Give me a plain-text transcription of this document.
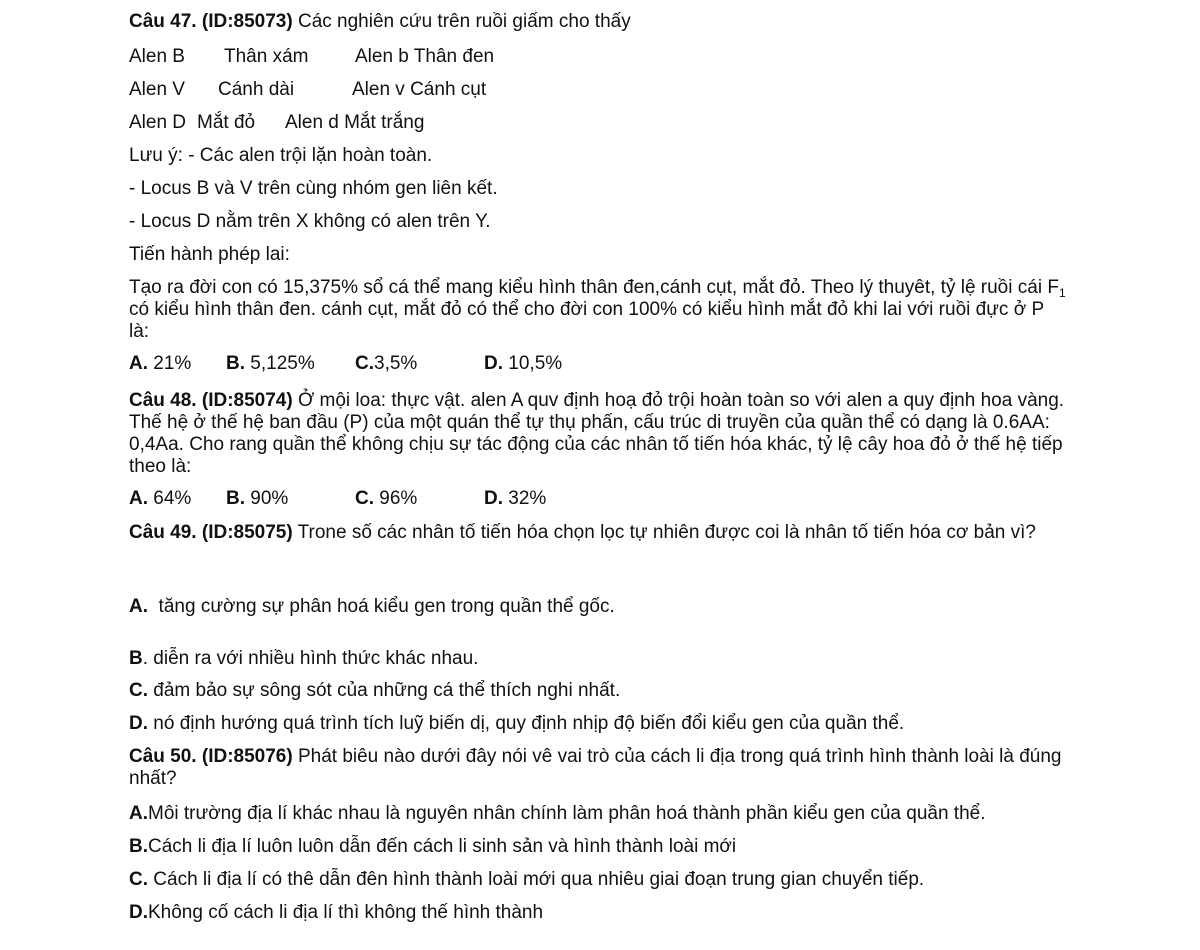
Câu 47. (ID:85073) Các nghiên cứu trên ruồi giấm cho thấy
Alen B Thân xám Alen b Thân đen
Alen V Cánh dài	Alen v Cánh cụt
Alen D Mắt đỏ Alen d Mắt trắng
Lưu ý: - Các alen trội lặn hoàn toàn.
- Locus B và V trên cùng nhóm gen liên kết.
- Locus D nằm trên X không có alen trên Y.
Tiến hành phép lai:
Tạo ra đời con có 15,375% sổ cá thể mang kiểu hình thân đen,cánh cụt, mắt đỏ. Theo lý thuyêt, tỷ lệ ruồi cái $F_1$ có kiểu hình thân đen. cánh cụt, mắt đỏ có thể cho đời con 100% có kiểu hình mắt đỏ khi lai với ruồi đực ở P là:
A. 21% B. 5,125% C.3,5%	D. 10,5%
Câu 48. (ID:85074) Ở mội loa: thực vật. alen A quv định hoạ đỏ trội hoàn toàn so với alen a quy định hoa vàng. Thế hệ ở thế hệ ban đầu (P) của một quán thể tự thụ phấn, cấu trúc di truyền của quần thể có dạng là 0.6AA: 0,4Aa. Cho rang quần thể không chịu sự tác động của các nhân tố tiến hóa khác, tỷ lệ cây hoa đỏ ở thế hệ tiếp theo là:
A. 64% B. 90%	C. 96%	D. 32%
Câu 49. (ID:85075) Trone số các nhân tố tiến hóa chọn lọc tự nhiên được coi là nhân tố tiến hóa cơ bản vì?
A.  tăng cường sự phân hoá kiểu gen trong quần thể gốc.
B. diễn ra với nhiều hình thức khác nhau.
C. đảm bảo sự sông sót của những cá thể thích nghi nhất.
D. nó định hướng quá trình tích luỹ biến dị, quy định nhịp độ biến đổi kiểu gen của quần thể.
Câu 50. (ID:85076) Phát biêu nào dưới đây nói vê vai trò của cách li địa trong quá trình hình thành loài là đúng nhất?
A.Môi trường địa lí khác nhau là nguyên nhân chính làm phân hoá thành phần kiểu gen của quần thể.
B.Cách li địa lí luôn luôn dẫn đến cách li sinh sản và hình thành loài mới
C. Cách li địa lí có thê dẫn đên hình thành loài mới qua nhiêu giai đoạn trung gian chuyển tiếp.
D.Không cố cách li địa lí thì không thế hình thành
